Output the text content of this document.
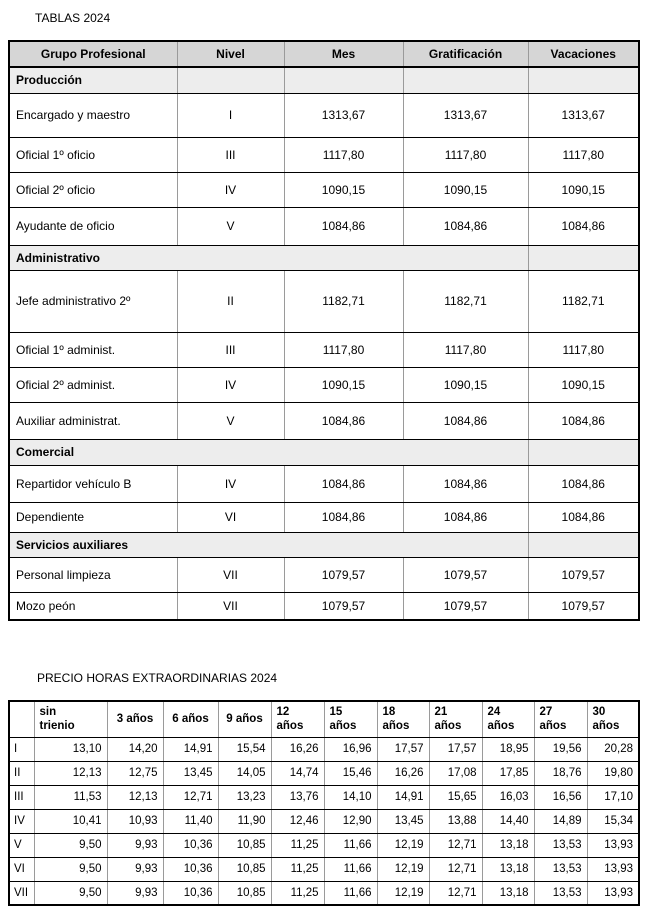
TABLAS 2024
Grupo Profesional	Nivel	Mes	Gratificación	Vacaciones
Producción				
Encargado y maestro	I	1313,67	1313,67	1313,67
Oficial 1º oficio	III	1117,80	1117,80	1117,80
Oficial 2º oficio	IV	1090,15	1090,15	1090,15
Ayudante de oficio	V	1084,86	1084,86	1084,86
Administrativo				
Jefe administrativo 2º	II	1182,71	1182,71	1182,71
Oficial 1º administ.	III	1117,80	1117,80	1117,80
Oficial 2º administ.	IV	1090,15	1090,15	1090,15
Auxiliar administrat.	V	1084,86	1084,86	1084,86
Comercial				
Repartidor vehículo B	IV	1084,86	1084,86	1084,86
Dependiente	VI	1084,86	1084,86	1084,86
Servicios auxiliares				
Personal limpieza	VII	1079,57	1079,57	1079,57
Mozo peón	VII	1079,57	1079,57	1079,57
PRECIO HORAS EXTRAORDINARIAS 2024
	sin trienio	3 años	6 años	9 años	12 años	15 años	18 años	21 años	24 años	27 años	30 años
I	13,10	14,20	14,91	15,54	16,26	16,96	17,57	17,57	18,95	19,56	20,28
II	12,13	12,75	13,45	14,05	14,74	15,46	16,26	17,08	17,85	18,76	19,80
III	11,53	12,13	12,71	13,23	13,76	14,10	14,91	15,65	16,03	16,56	17,10
IV	10,41	10,93	11,40	11,90	12,46	12,90	13,45	13,88	14,40	14,89	15,34
V	9,50	9,93	10,36	10,85	11,25	11,66	12,19	12,71	13,18	13,53	13,93
VI	9,50	9,93	10,36	10,85	11,25	11,66	12,19	12,71	13,18	13,53	13,93
VII	9,50	9,93	10,36	10,85	11,25	11,66	12,19	12,71	13,18	13,53	13,93
